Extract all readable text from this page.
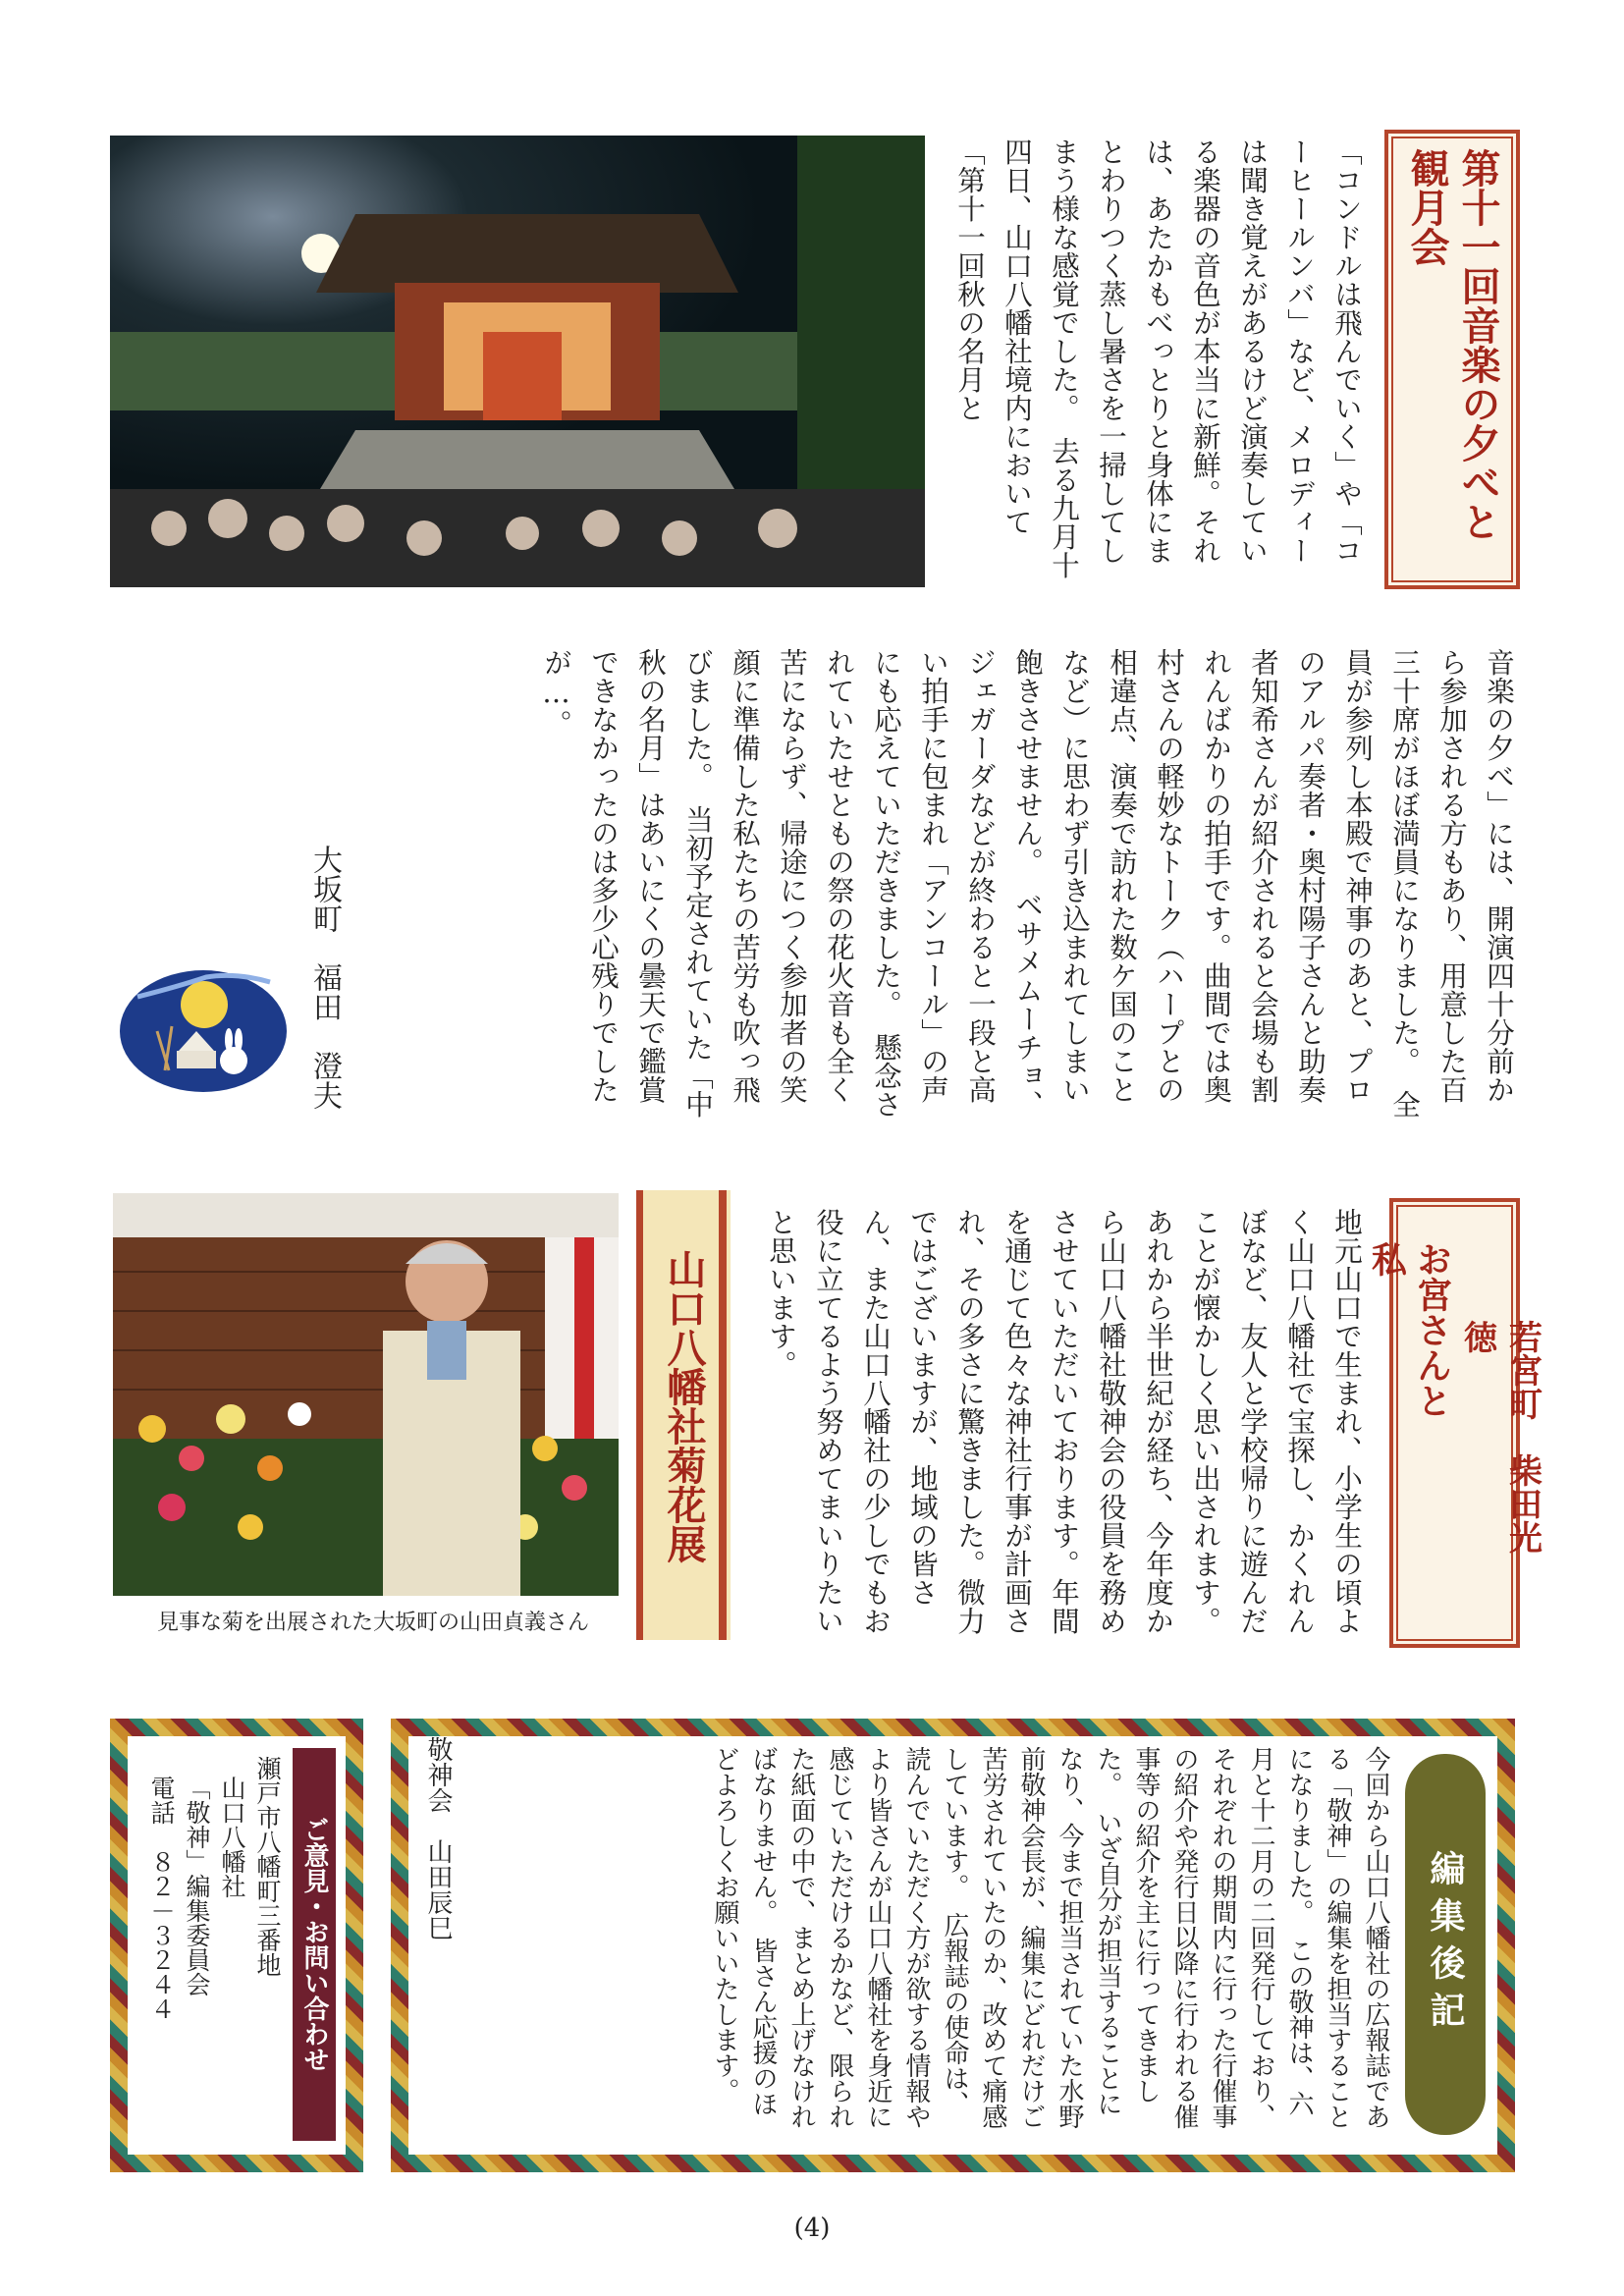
第十一回音楽の夕べと観月会
「コンドルは飛んでいく」や「コーヒールンバ」など、メロディーは聞き覚えがあるけど演奏している楽器の音色が本当に新鮮。それは、あたかもべっとりと身体にまとわりつく蒸し暑さを一掃してしまう様な感覚でした。　去る九月十四日、山口八幡社境内において「第十一回秋の名月と
音楽の夕べ」には、開演四十分前から参加される方もあり、用意した百三十席がほぼ満員になりました。　全員が参列し本殿で神事のあと、プロのアルパ奏者・奥村陽子さんと助奏者知希さんが紹介されると会場も割れんばかりの拍手です。曲間では奥村さんの軽妙なトーク（ハープとの相違点、演奏で訪れた数ケ国のことなど）に思わず引き込まれてしまい飽きさせません。　ベサメムーチョ、ジェガーダなどが終わると一段と高い拍手に包まれ「アンコール」の声にも応えていただきました。　懸念されていたせともの祭の花火音も全く苦にならず、帰途につく参加者の笑顔に準備した私たちの苦労も吹っ飛びました。　当初予定されていた「中秋の名月」はあいにくの曇天で鑑賞できなかったのは多少心残りでしたが…。
大坂町　福田　澄夫
お宮さんと私
若宮町　柴田光徳
地元山口で生まれ、小学生の頃よく山口八幡社で宝探し、かくれんぼなど、友人と学校帰りに遊んだことが懐かしく思い出されます。　あれから半世紀が経ち、今年度から山口八幡社敬神会の役員を務めさせていただいております。年間を通じて色々な神社行事が計画され、その多さに驚きました。微力ではございますが、地域の皆さん、また山口八幡社の少しでもお役に立てるよう努めてまいりたいと思います。
山口八幡社菊花展
見事な菊を出展された大坂町の山田貞義さん
ご意見・お問い合わせ
瀬戸市八幡町三番地
山口八幡社
「敬神」編集委員会
電話　８２－３２４４	編集後記
今回から山口八幡社の広報誌である「敬神」の編集を担当することになりました。　この敬神は、六月と十二月の二回発行しており、それぞれの期間内に行った行催事の紹介や発行日以降に行われる催事等の紹介を主に行ってきました。　いざ自分が担当することになり、今まで担当されていた水野前敬神会長が、編集にどれだけご苦労されていたのか、改めて痛感しています。　広報誌の使命は、読んでいただく方が欲する情報やより皆さんが山口八幡社を身近に感じていただけるかなど、限られた紙面の中で、まとめ上げなければなりません。　皆さん応援のほどよろしくお願いいたします。
敬神会　山田辰巳
(4)
